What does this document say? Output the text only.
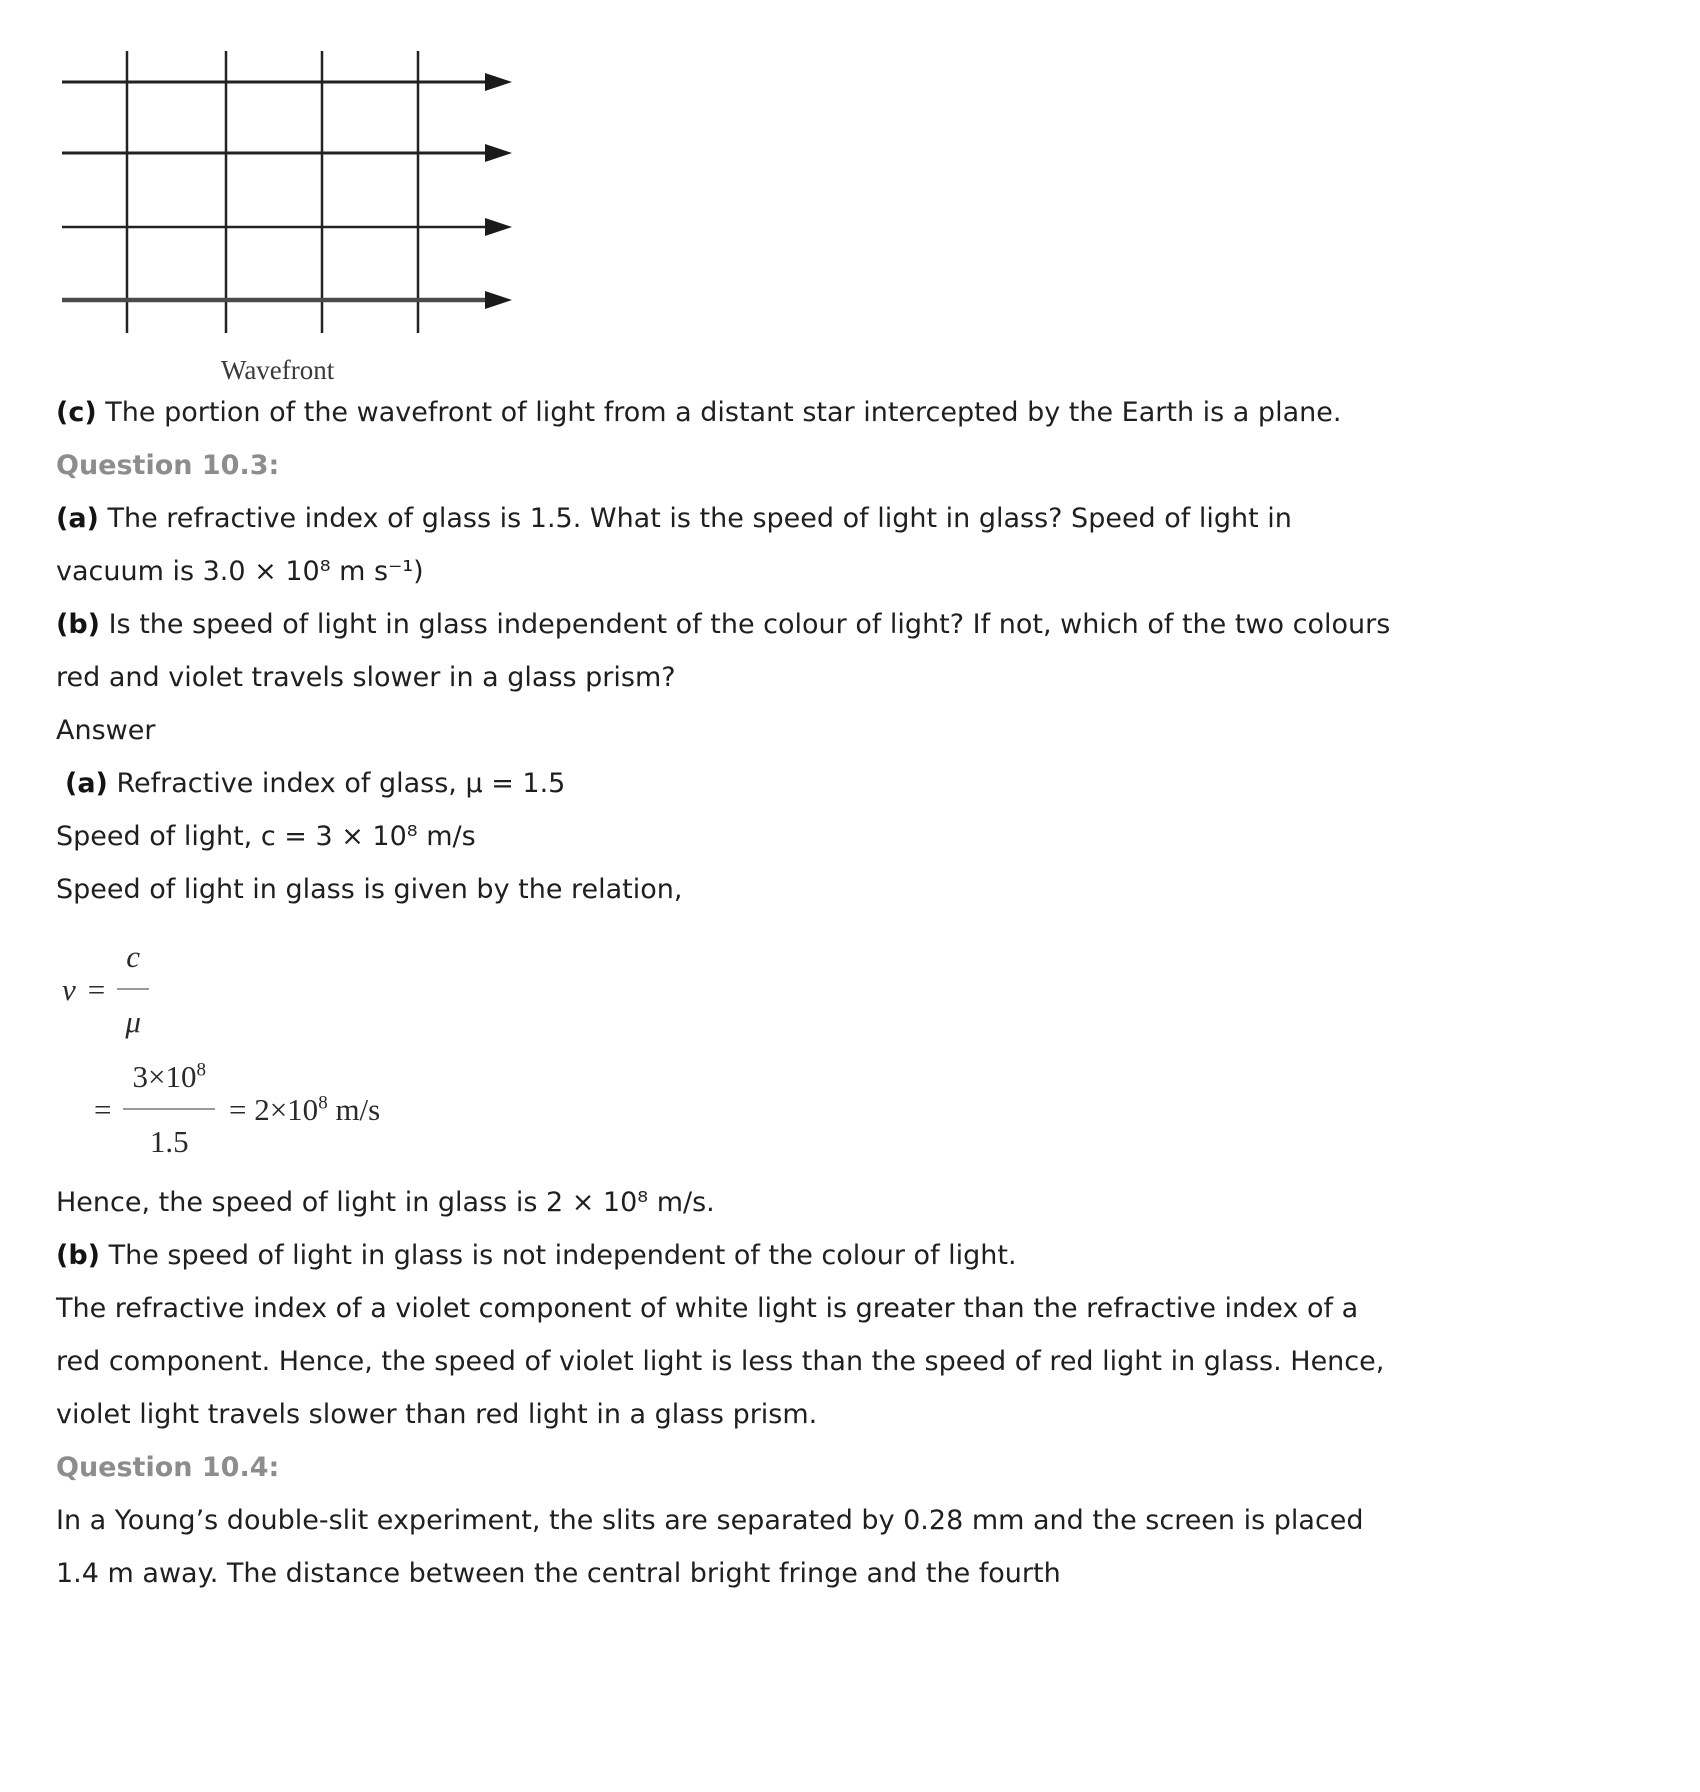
Wavefront

(c) The portion of the wavefront of light from a distant star intercepted by the Earth is a plane.

Question 10.3:

(a) The refractive index of glass is 1.5. What is the speed of light in glass? Speed of light in vacuum is 3.0 × 10⁸ m s⁻¹)

(b) Is the speed of light in glass independent of the colour of light? If not, which of the two colours red and violet travels slower in a glass prism?

Answer

(a) Refractive index of glass, μ = 1.5

Speed of light, c = 3 × 10⁸ m/s

Speed of light in glass is given by the relation,

$v = \frac{c}{\mu}$
= $\frac{3\times 10^8}{1.5} = 2\times 10^8$ m/s

Hence, the speed of light in glass is 2 × 10⁸ m/s.

(b) The speed of light in glass is not independent of the colour of light.

The refractive index of a violet component of white light is greater than the refractive index of a red component. Hence, the speed of violet light is less than the speed of red light in glass. Hence, violet light travels slower than red light in a glass prism.

Question 10.4:

In a Young’s double-slit experiment, the slits are separated by 0.28 mm and the screen is placed 1.4 m away. The distance between the central bright fringe and the fourth
